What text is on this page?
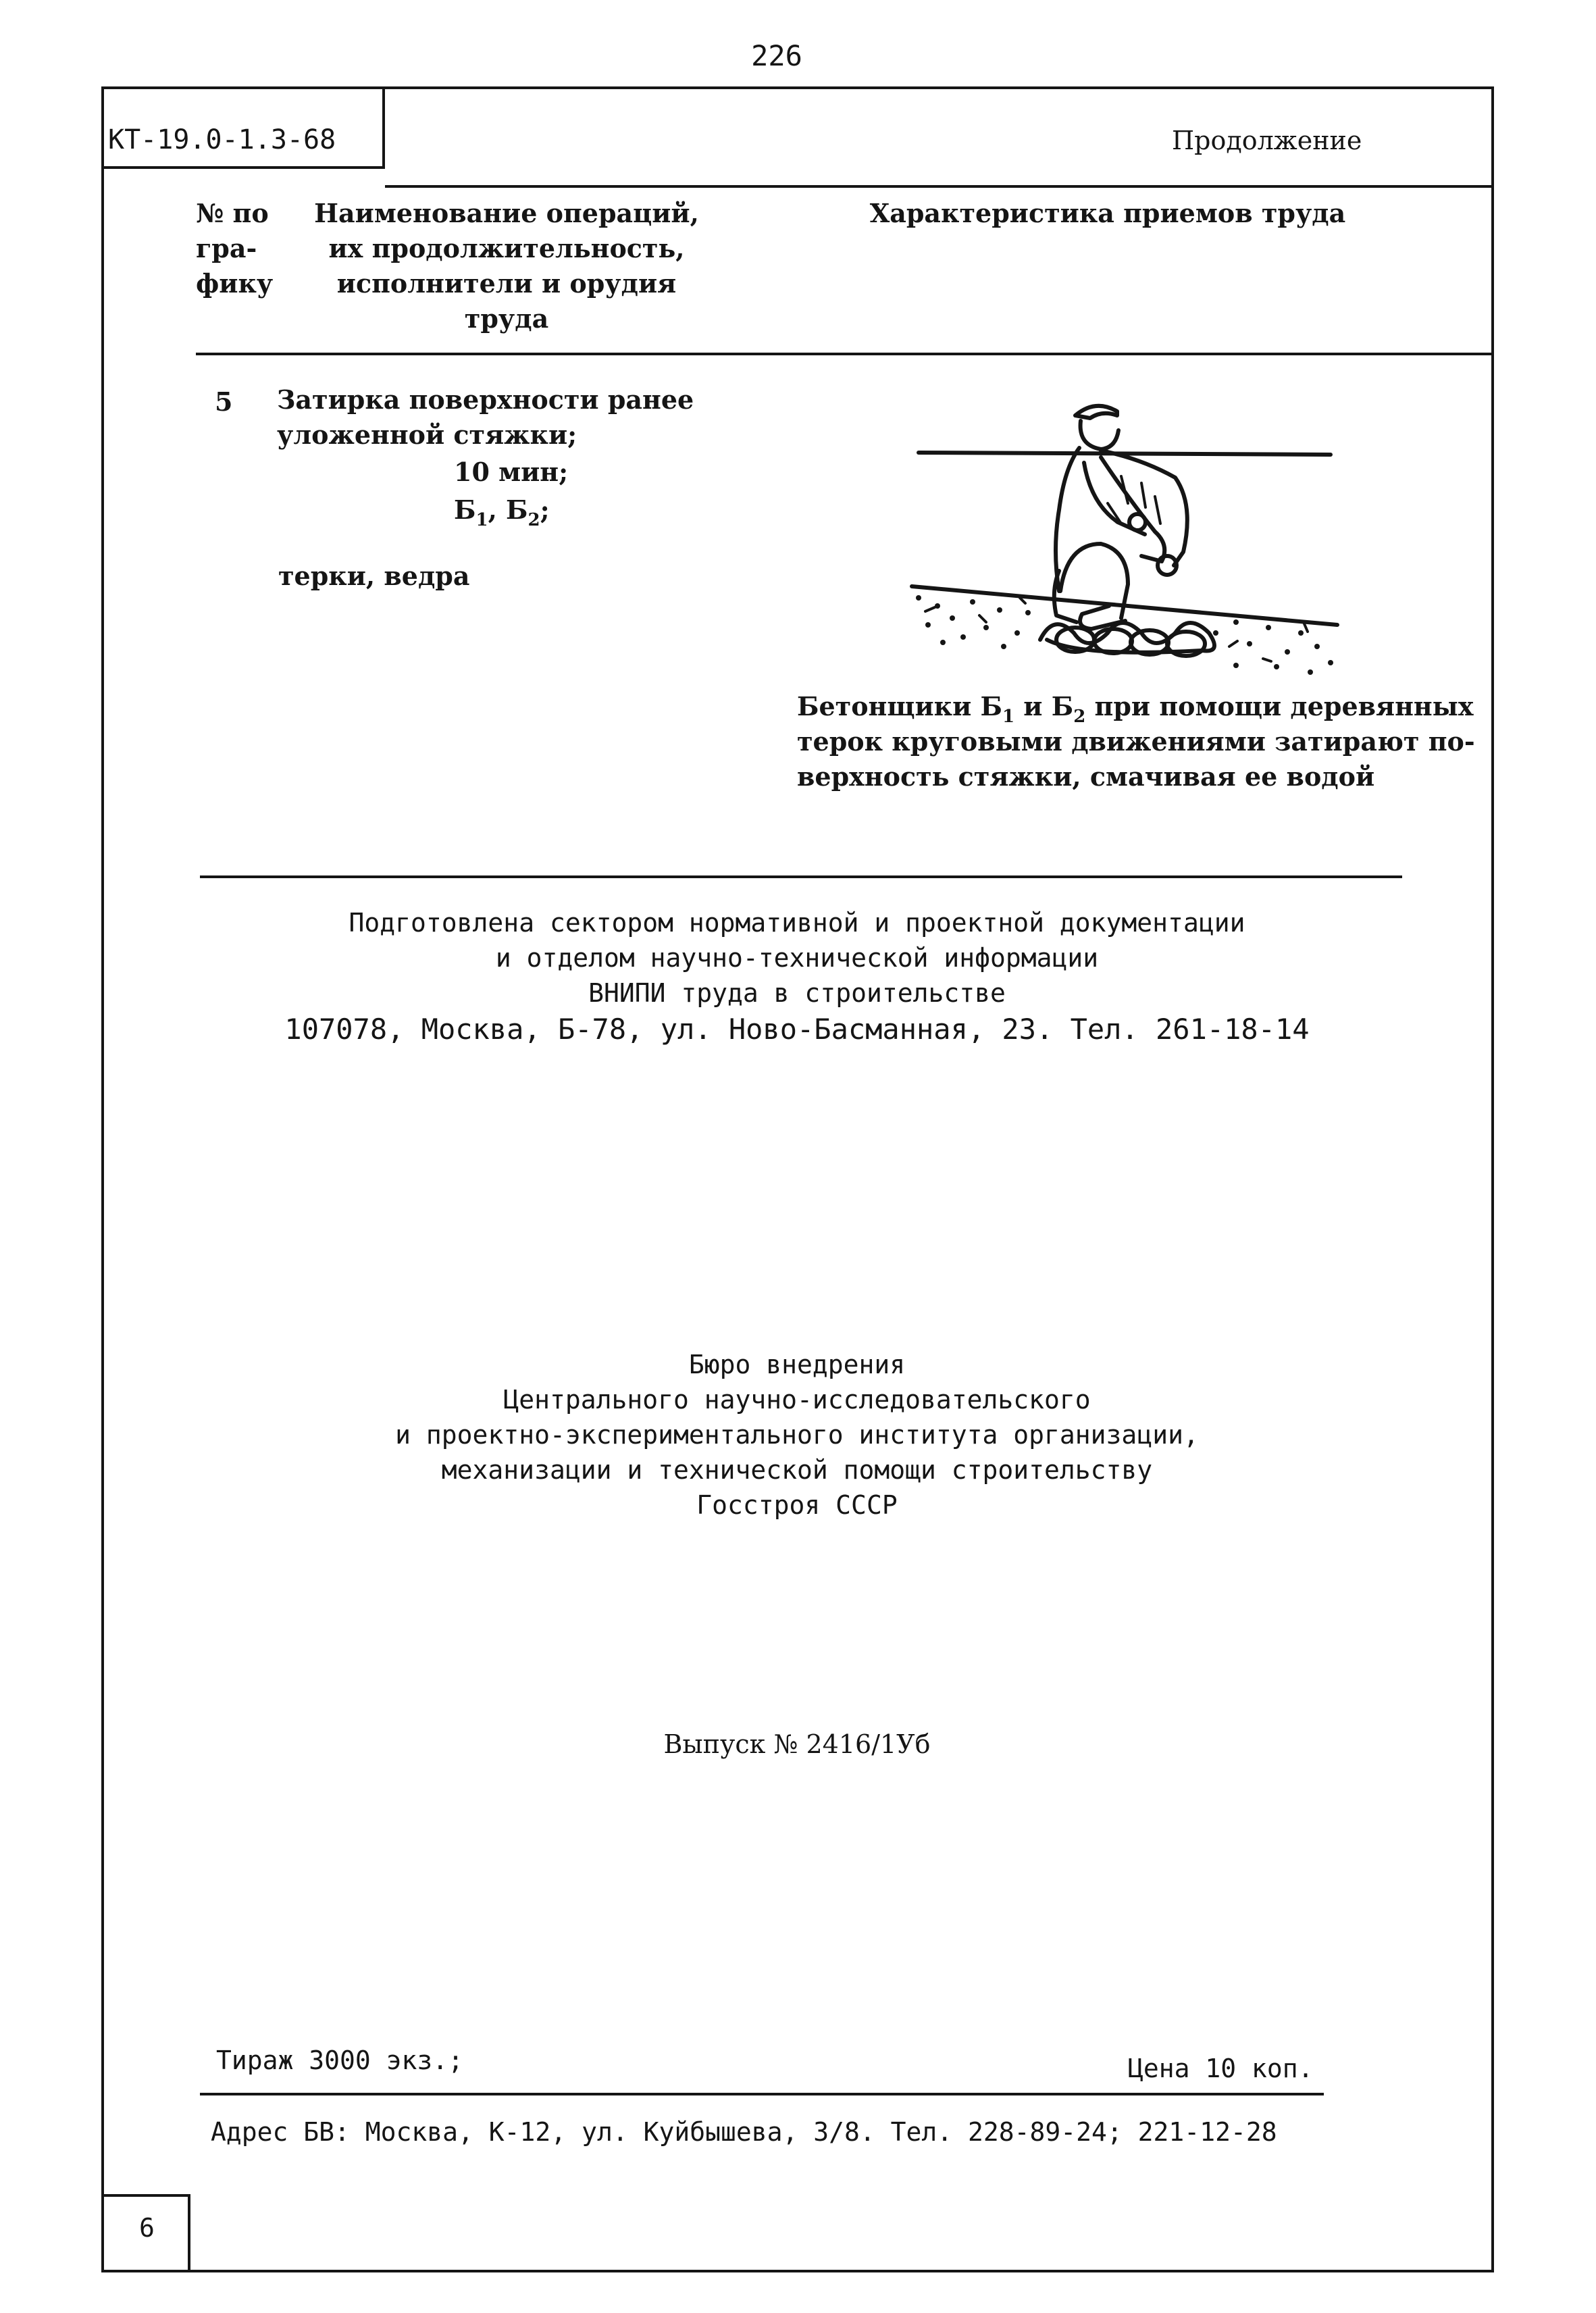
226
КТ-19.0-1.3-68	Продолжение
№ по
гра-
фику
Наименование операций,
их продолжительность,
исполнители и орудия
труда
Характеристика приемов труда
5 Затирка поверхности ранее
уложенной стяжки;
10 мин;
$Б_1$, $Б_2$;
терки, ведра
Бетонщики $Б_1$ и $Б_2$ при помощи деревянных
терок круговыми движениями затирают по-
верхность стяжки, смачивая ее водой
Подготовлена сектором нормативной и проектной документации
и отделом научно-технической информации
ВНИПИ труда в строительстве
107078, Москва, Б-78, ул. Ново-Басманная, 23. Тел. 261-18-14
Бюро внедрения
Центрального научно-исследовательского
и проектно-экспериментального института организации,
механизации и технической помощи строительству
Госстроя СССР
Выпуск № 2416/1Уб
Тираж 3000 экз.;	Цена 10 коп.
Адрес БВ: Москва, К-12, ул. Куйбышева, 3/8. Тел. 228-89-24; 221-12-28
6
